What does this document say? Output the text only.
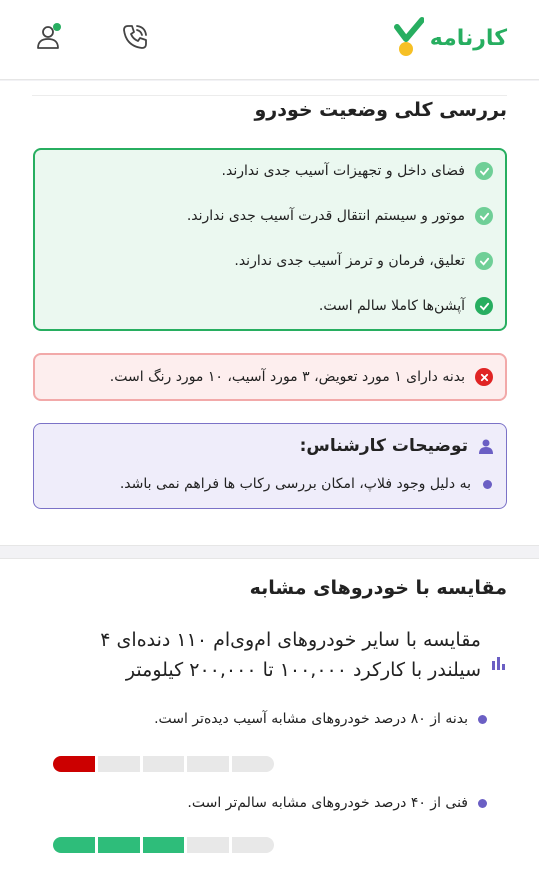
کارنامه
بررسی کلی وضعیت خودرو
فضای داخل و تجهیزات آسیب جدی ندارند.
موتور و سیستم انتقال قدرت آسیب جدی ندارند.
تعلیق، فرمان و ترمز آسیب جدی ندارند.
آپشن‌ها کاملا سالم است.
بدنه دارای ۱ مورد تعویض، ۳ مورد آسیب، ۱۰ مورد رنگ است.
توضیحات کارشناس:
به دلیل وجود فلاپ، امکان بررسی رکاب ها فراهم نمی باشد.
مقایسه با خودروهای مشابه
مقایسه با سایر خودروهای ام‌وی‌ام ۱۱۰ دنده‌ای ۴ سیلندر با کارکرد ۱۰۰,۰۰۰ تا ۲۰۰,۰۰۰ کیلومتر
بدنه از ۸۰ درصد خودروهای مشابه آسیب دیده‌تر است.
فنی از ۴۰ درصد خودروهای مشابه سالم‌تر است.
